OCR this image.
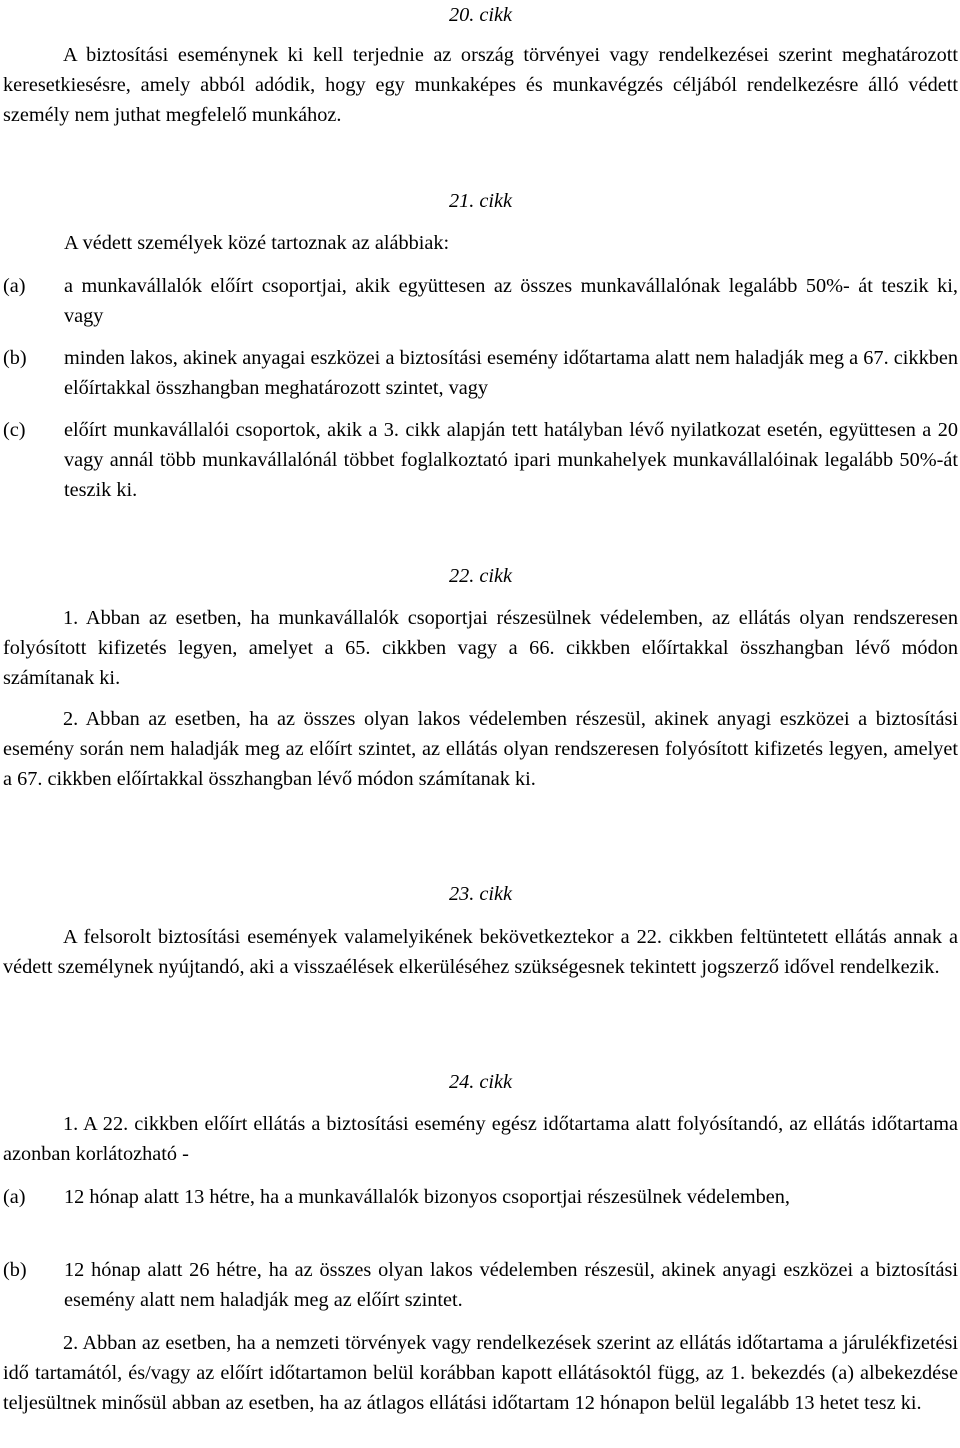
20. cikk
A biztosítási eseménynek ki kell terjednie az ország törvényei vagy rendelkezései szerint meghatározott keresetkiesésre, amely abból adódik, hogy egy munkaképes és munkavégzés céljából rendelkezésre álló védett személy nem juthat megfelelő munkához.
21. cikk
A védett személyek közé tartoznak az alábbiak:
(a) a munkavállalók előírt csoportjai, akik együttesen az összes munkavállalónak legalább 50%- át teszik ki, vagy
(b) minden lakos, akinek anyagai eszközei a biztosítási esemény időtartama alatt nem haladják meg a 67. cikkben előírtakkal összhangban meghatározott szintet, vagy
(c) előírt munkavállalói csoportok, akik a 3. cikk alapján tett hatályban lévő nyilatkozat esetén, együttesen a 20 vagy annál több munkavállalónál többet foglalkoztató ipari munkahelyek munkavállalóinak legalább 50%-át teszik ki.
22. cikk
1. Abban az esetben, ha munkavállalók csoportjai részesülnek védelemben, az ellátás olyan rendszeresen folyósított kifizetés legyen, amelyet a 65. cikkben vagy a 66. cikkben előírtakkal összhangban lévő módon számítanak ki.
2. Abban az esetben, ha az összes olyan lakos védelemben részesül, akinek anyagi eszközei a biztosítási esemény során nem haladják meg az előírt szintet, az ellátás olyan rendszeresen folyósított kifizetés legyen, amelyet a 67. cikkben előírtakkal összhangban lévő módon számítanak ki.
23. cikk
A felsorolt biztosítási események valamelyikének bekövetkeztekor a 22. cikkben feltüntetett ellátás annak a védett személynek nyújtandó, aki a visszaélések elkerüléséhez szükségesnek tekintett jogszerző idővel rendelkezik.
24. cikk
1. A 22. cikkben előírt ellátás a biztosítási esemény egész időtartama alatt folyósítandó, az ellátás időtartama azonban korlátozható -
(a) 12 hónap alatt 13 hétre, ha a munkavállalók bizonyos csoportjai részesülnek védelemben,
(b) 12 hónap alatt 26 hétre, ha az összes olyan lakos védelemben részesül, akinek anyagi eszközei a biztosítási esemény alatt nem haladják meg az előírt szintet.
2. Abban az esetben, ha a nemzeti törvények vagy rendelkezések szerint az ellátás időtartama a járulékfizetési idő tartamától, és/vagy az előírt időtartamon belül korábban kapott ellátásoktól függ, az 1. bekezdés (a) albekezdése teljesültnek minősül abban az esetben, ha az átlagos ellátási időtartam 12 hónapon belül legalább 13 hetet tesz ki.
